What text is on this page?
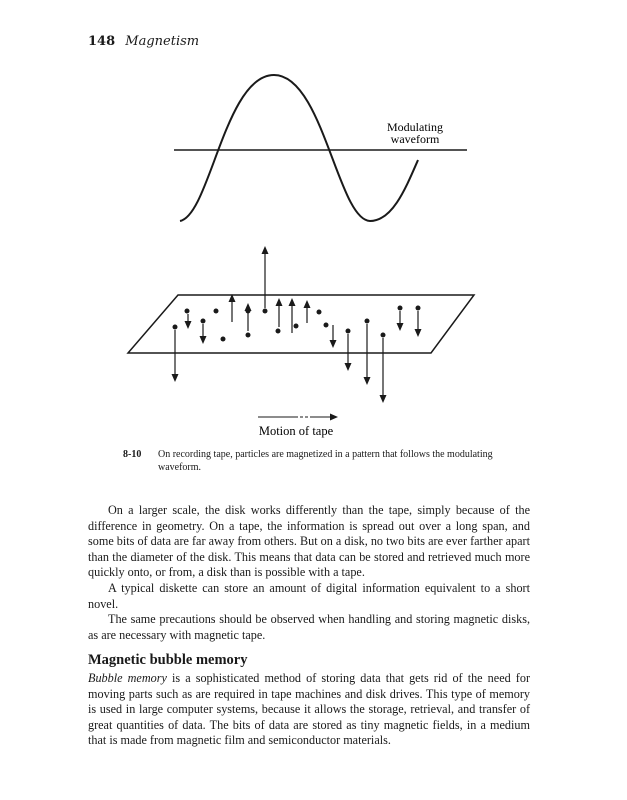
148 Magnetism
Modulating
waveform
Motion of tape
8-10 On recording tape, particles are magnetized in a pattern that follows the modulating waveform.

On a larger scale, the disk works differently than the tape, simply because of the difference in geometry. On a tape, the information is spread out over a long span, and some bits of data are far away from others. But on a disk, no two bits are ever farther apart than the diameter of the disk. This means that data can be stored and retrieved much more quickly onto, or from, a disk than is possible with a tape.

A typical diskette can store an amount of digital information equivalent to a short novel.

The same precautions should be observed when handling and storing magnetic disks, as are necessary with magnetic tape.

Magnetic bubble memory

Bubble memory is a sophisticated method of storing data that gets rid of the need for moving parts such as are required in tape machines and disk drives. This type of memory is used in large computer systems, because it allows the storage, retrieval, and transfer of great quantities of data. The bits of data are stored as tiny magnetic fields, in a medium that is made from magnetic film and semiconductor materials.
